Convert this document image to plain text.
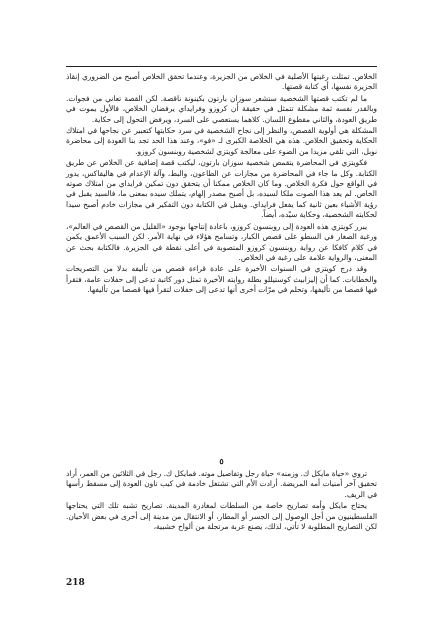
الخلاص. تمثلت رغبتها الأصلية في الخلاص من الجزيرة، وعندما تحقق الخلاص أصبح من الضروري إنقاذ الجزيرة نفسها، أي كتابة قصتها.

ما لم تكتب قصتها الشخصية ستشعر سوزان بارتون بكينونة ناقصة. لكن القصة تعاني من فجوات. وبالقدر نفسه ثمة مشكلة تتمثل في حقيقة أن كروزو وفرايداي يرفضان الخلاص، فالأول يموت في طريق العودة، والثاني مقطوع اللسان. كلاهما يستعصي على السرد، ويرفض التحول إلى حكاية.

المشكلة هي أولوية القصص، والنظر إلى نجاح الشخصية في سرد حكايتها كتعبير عن نجاحها في امتلاك الحكاية وتحقيق الخلاص. هذه هي الخلاصة الكبرى لـ «فو»، وعند هذا الحد تجد بنا العودة إلى محاضرة نوبل، التي تلقي مزيدا من الضوء على معالجة كويتزي لشخصية روبنسون كروزو.

فكويتزي في المحاضرة يتقمص شخصية سوزان بارتون، ليكتب قصة إضافية عن الخلاص عن طريق الكتابة. وكل ما جاء في المحاضرة من مجازات عن الطاعون، والبط، وآلة الإعدام في هاليفاكس، يدور في الواقع حول فكرة الخلاص. وما كان الخلاص ممكنا أن يتحقق دون تمكين فرايداي من امتلاك صوته الخاص. لم يعد هذا الصوت ملكا لسيده، بل أصبح مصدر إلهام، يتملك سيده بمعنى ما، فالسيد يقبل في رؤية الأشياء بعين ثانية كما يفعل فرايداي. ويقبل في الكتابة دون التفكير في مجازات خادم أصبح سيدا لحكايته الشخصية، وحكاية سيّده، أيضاً.

يبرر كويتزي هذه العودة إلى روبنسون كروزو، باعادة إنتاجها بوجود «القليل من القصص في العالم»، ورغبة الصغار في السطو على قصص الكبار، وتسامح هؤلاء في نهاية الأمر. لكن السبب الأعمق يكمن في كلام كافكا عن رواية روبنسون كروزو المتصوبة في أعلى نقطة في الجزيرة. فالكتابة بحث عن المعنى، والرواية علامة على رغبة في الخلاص.

وقد درج كويتزي في السنوات الأخيرة على عادة قراءة قصص من تأليفه بدلا من التصريحات والخطابات. كما أن إليزابيث كوستيللو بطلة روايته الأخيرة تمثل دور كاتبة تدعى إلى حفلات عامة، فتقرأ فيها قصصا من تأليفها، وتحلم في مرّات أخرى أنها تدعى إلى حفلات لتقرأ فيها قصصا من تأليفها.

٥

تروي «حياة مايكل ك. وزمنه» حياة رجل وتفاصيل موته. فمايكل ك. رجل في الثلاثين من العمر، أراد تحقيق آخر أمنيات أمه المريضة. أرادت الأم التي تشتغل خادمة في كيب تاون العودة إلى مسقط رأسها في الريف.

يحتاج مايكل وأمه تصاريح خاصة من السلطات لمغادرة المدينة. تصاريح تشبه تلك التي يحتاجها الفلسطينيون من أجل الوصول إلى الجسر أو المطار، أو الانتقال من مدينة إلى أخرى في بعض الأحيان. لكن التصاريح المطلوبة لا تأتي، لذلك، يصنع عربة مرتجلة من ألواح خشبية،

218
